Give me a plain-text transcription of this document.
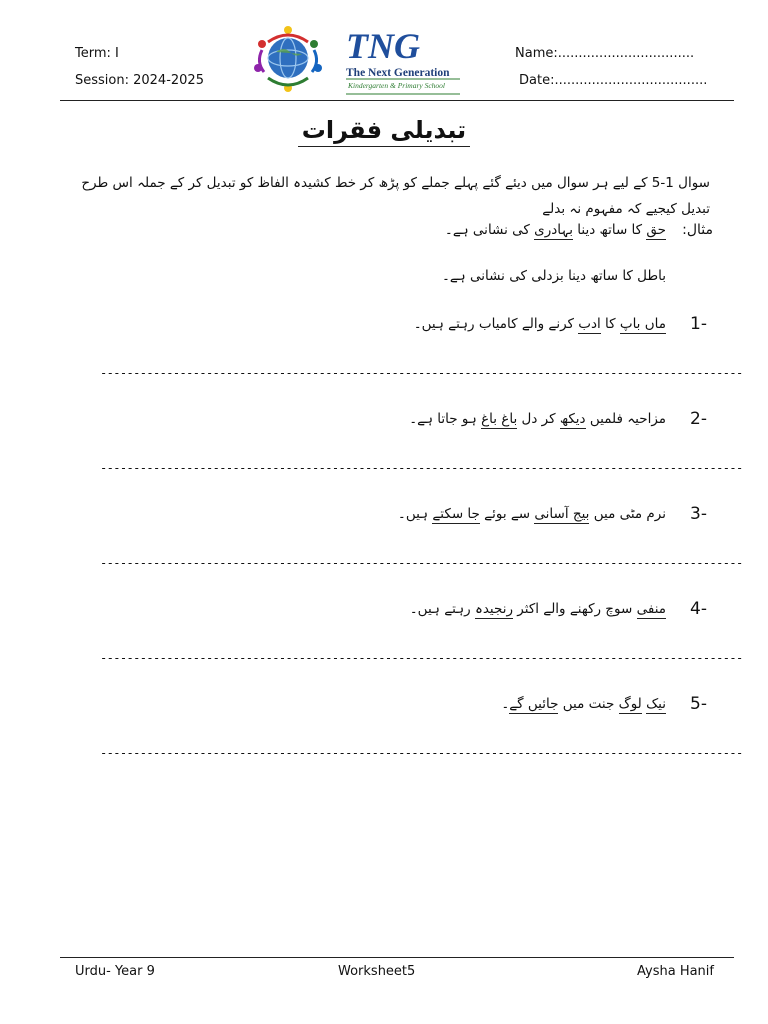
Term: I
Session: 2024-2025
Name:.................................
Date:.....................................
TNG
The Next Generation
Kindergarten & Primary School
تبدیلی فقرات
سوال 1-5 کے لیے ہر سوال میں دیئے گئے پہلے جملے کو پڑھ کر خط کشیدہ الفاظ کو تبدیل کر کے جملہ اس طرح تبدیل کیجیے کہ مفہوم نہ بدلے
مثال:
حق کا ساتھ دینا بہادری کی نشانی ہے۔
باطل کا ساتھ دینا بزدلی کی نشانی ہے۔
1-
ماں باپ کا ادب کرنے والے کامیاب رہتے ہیں۔
-------------------------------------------------------------------------------------------------
2-
مزاحیہ فلمیں دیکھ کر دل باغ باغ ہو جاتا ہے۔
-------------------------------------------------------------------------------------------------
3-
نرم مٹی میں بیج آسانی سے بوئے جا سکتے ہیں۔
-------------------------------------------------------------------------------------------------
4-
منفی سوچ رکھنے والے اکثر رنجیدہ رہتے ہیں۔
-------------------------------------------------------------------------------------------------
5-
نیک لوگ جنت میں جائیں گے۔
-------------------------------------------------------------------------------------------------
Urdu- Year 9	Worksheet5	Aysha Hanif
